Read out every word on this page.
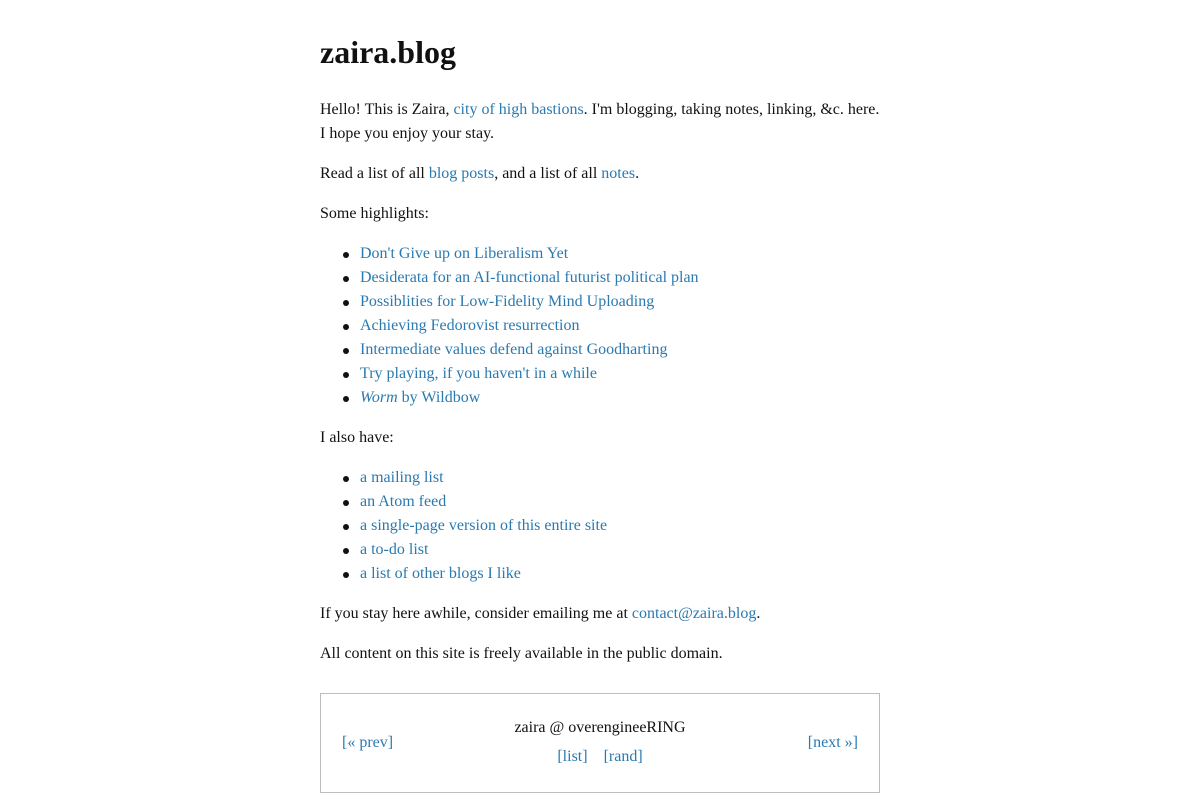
zaira.blog

Hello! This is Zaira, city of high bastions. I'm blogging, taking notes, linking, &c. here. I hope you enjoy your stay.

Read a list of all blog posts, and a list of all notes.

Some highlights:

Don't Give up on Liberalism Yet
Desiderata for an AI-functional futurist political plan
Possiblities for Low-Fidelity Mind Uploading
Achieving Fedorovist resurrection
Intermediate values defend against Goodharting
Try playing, if you haven't in a while
Worm by Wildbow

I also have:

a mailing list
an Atom feed
a single-page version of this entire site
a to-do list
a list of other blogs I like

If you stay here awhile, consider emailing me at contact@zaira.blog.

All content on this site is freely available in the public domain.

[« prev]
zaira @ overengineeRING
[list] [rand]
[next »]
